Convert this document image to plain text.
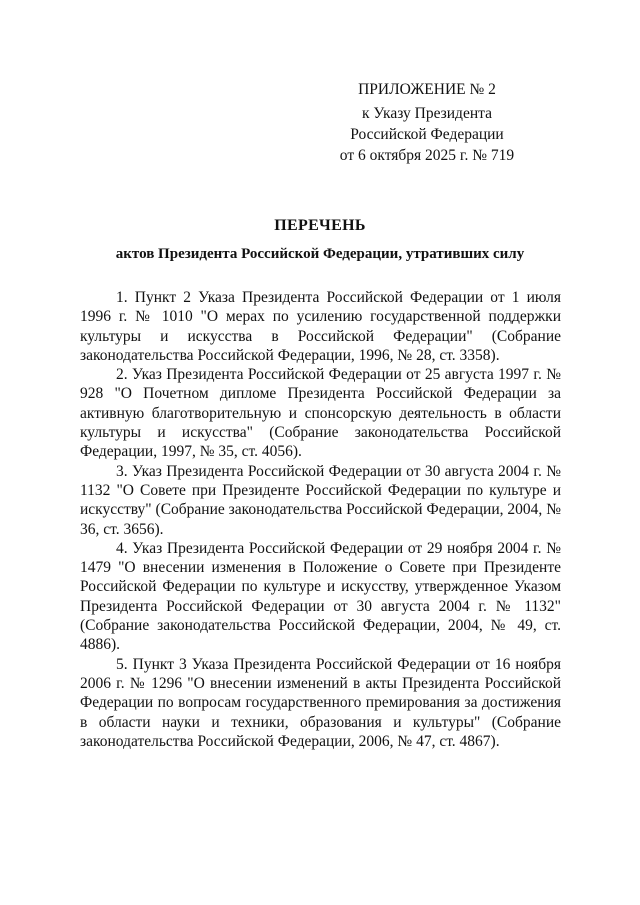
ПРИЛОЖЕНИЕ № 2
к Указу Президента
Российской Федерации
от 6 октября 2025 г. № 719
ПЕРЕЧЕНЬ
актов Президента Российской Федерации, утративших силу

1. Пункт 2 Указа Президента Российской Федерации от 1 июля 1996 г. № 1010 "О мерах по усилению государственной поддержки культуры и искусства в Российской Федерации" (Собрание законодательства Российской Федерации, 1996, № 28, ст. 3358).

2. Указ Президента Российской Федерации от 25 августа 1997 г. № 928 "О Почетном дипломе Президента Российской Федерации за активную благотворительную и спонсорскую деятельность в области культуры и искусства" (Собрание законодательства Российской Федерации, 1997, № 35, ст. 4056).

3. Указ Президента Российской Федерации от 30 августа 2004 г. № 1132 "О Совете при Президенте Российской Федерации по культуре и искусству" (Собрание законодательства Российской Федерации, 2004, № 36, ст. 3656).

4. Указ Президента Российской Федерации от 29 ноября 2004 г. № 1479 "О внесении изменения в Положение о Совете при Президенте Российской Федерации по культуре и искусству, утвержденное Указом Президента Российской Федерации от 30 августа 2004 г. № 1132" (Собрание законодательства Российской Федерации, 2004, № 49, ст. 4886).

5. Пункт 3 Указа Президента Российской Федерации от 16 ноября 2006 г. № 1296 "О внесении изменений в акты Президента Российской Федерации по вопросам государственного премирования за достижения в области науки и техники, образования и культуры" (Собрание законодательства Российской Федерации, 2006, № 47, ст. 4867).
